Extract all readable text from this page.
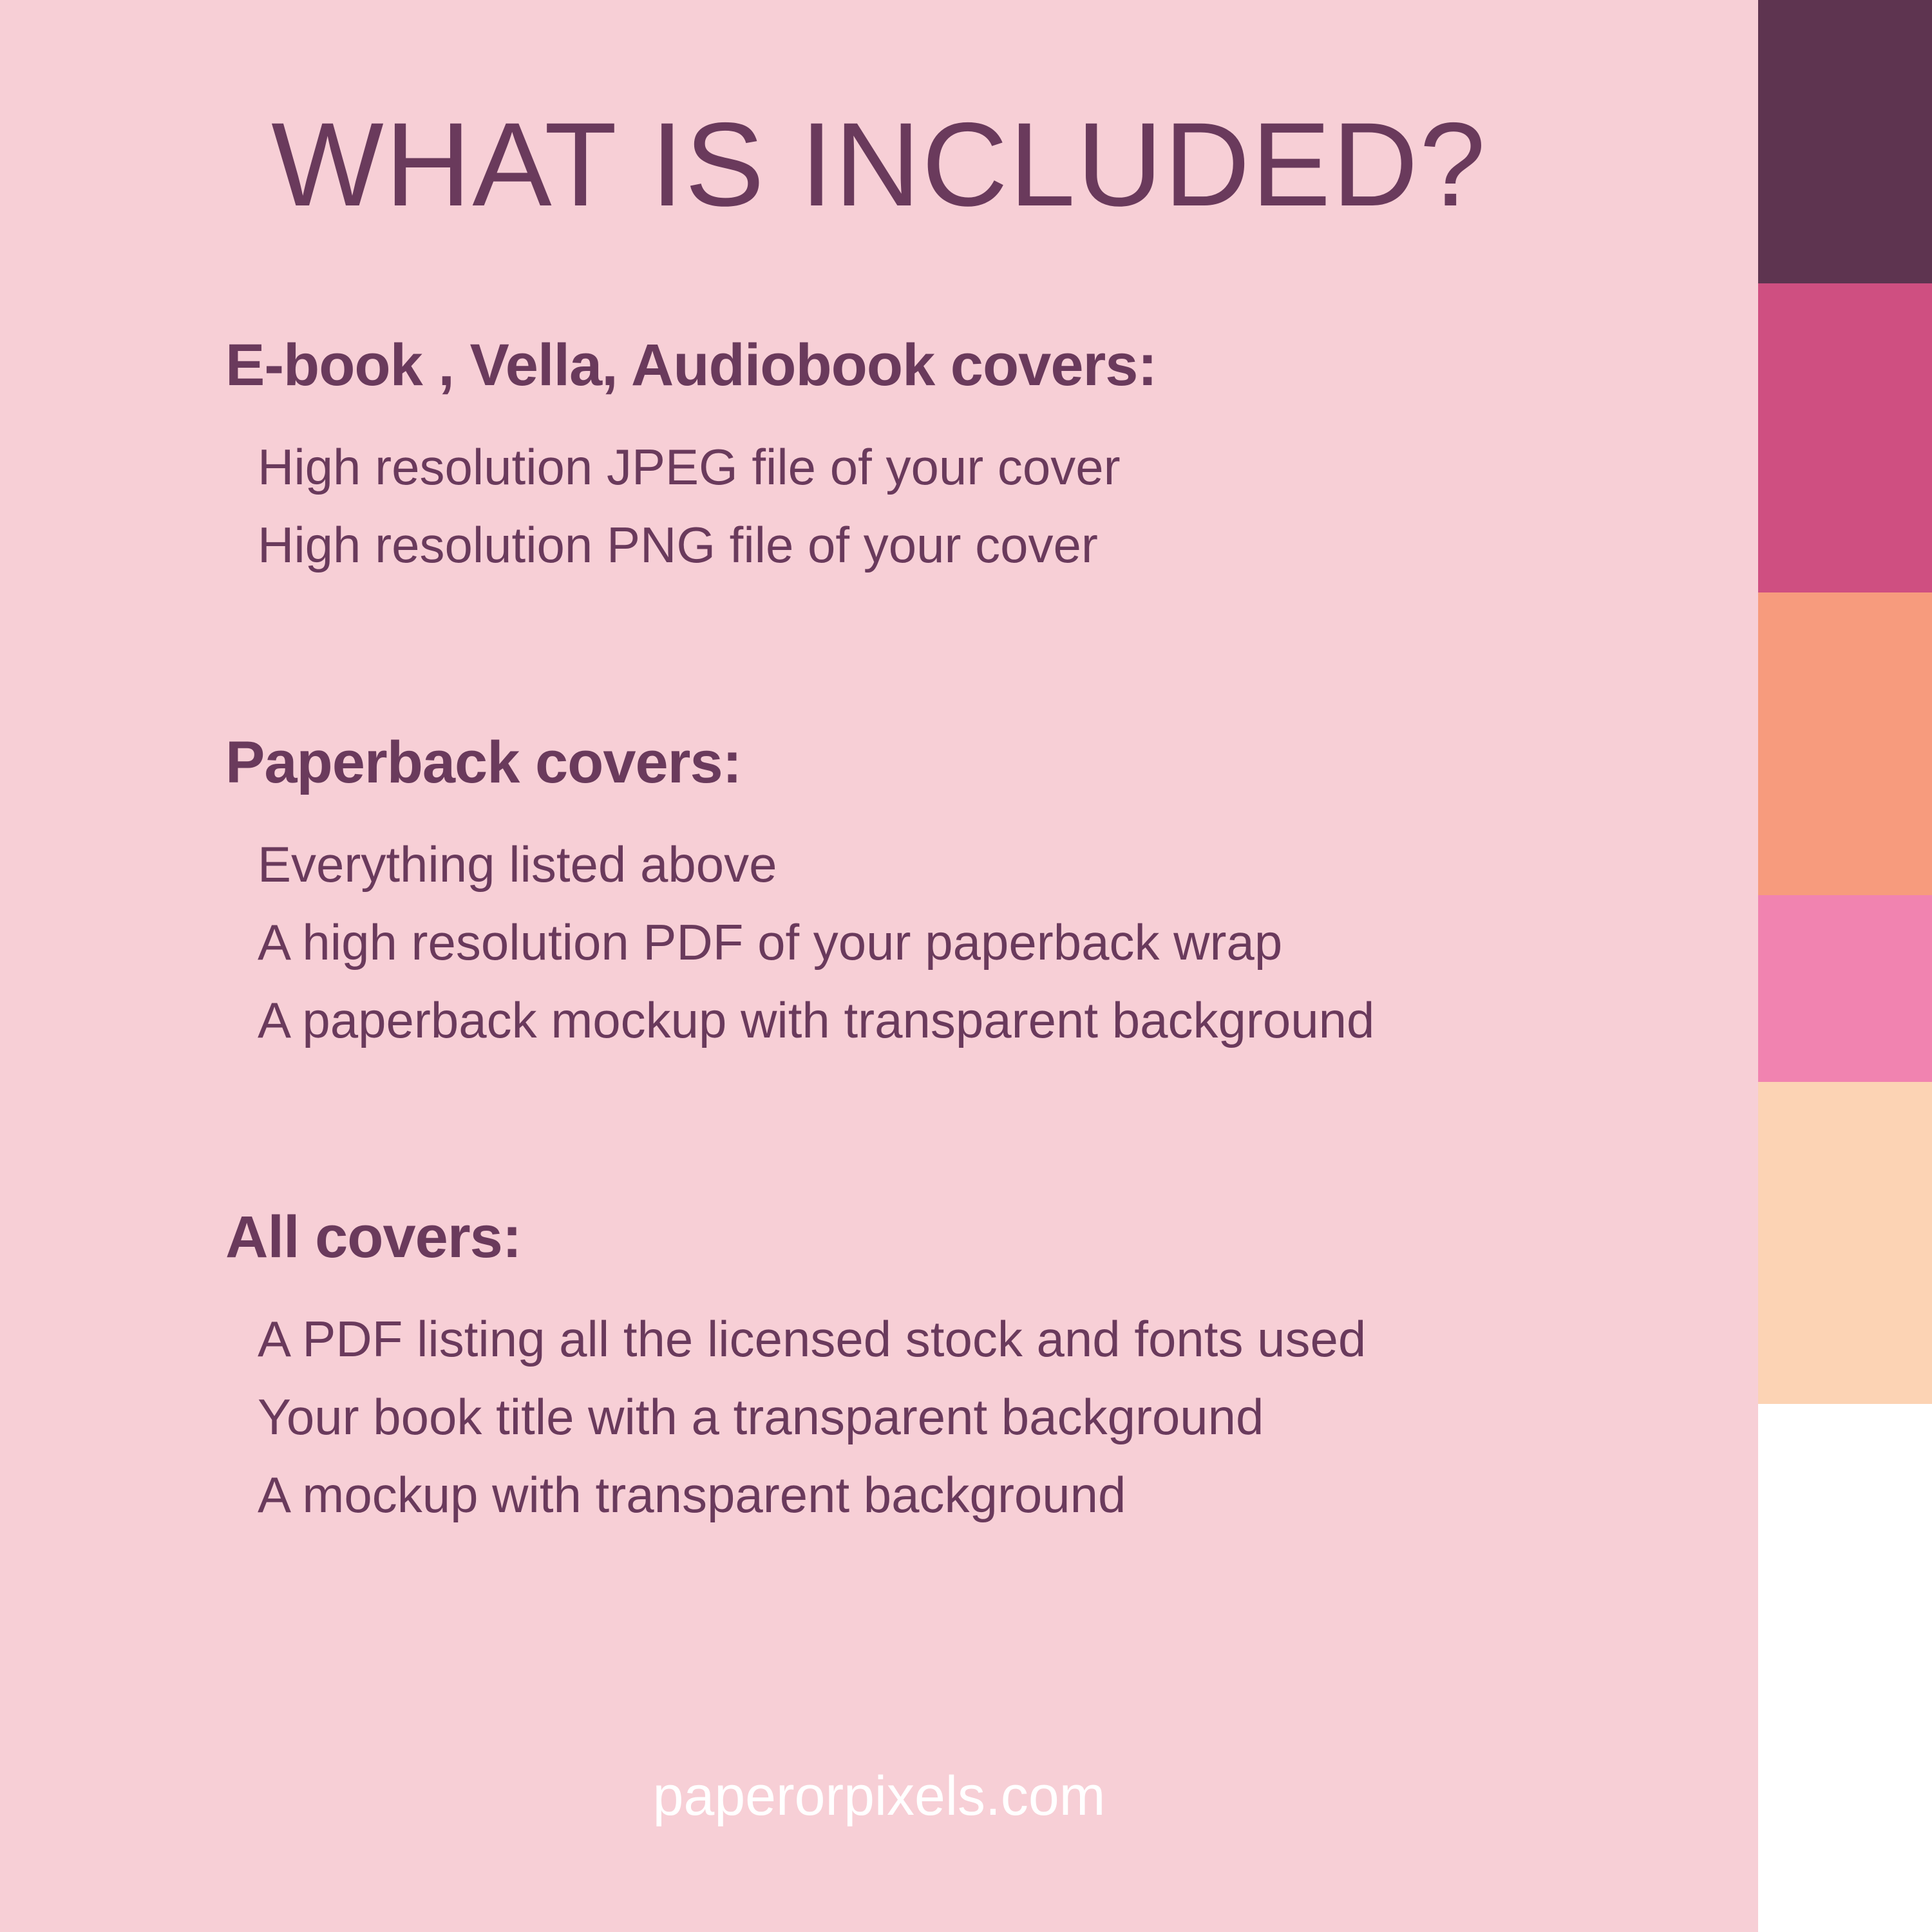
WHAT IS INCLUDED?
E-book , Vella, Audiobook covers:
High resolution JPEG file of your cover
High resolution PNG file of your cover
Paperback covers:
Everything listed above
A high resolution PDF of your paperback wrap
A paperback mockup with transparent background
All covers:
A PDF listing all the licensed stock and fonts used
Your book title with a transparent background
A mockup with transparent background
paperorpixels.com
